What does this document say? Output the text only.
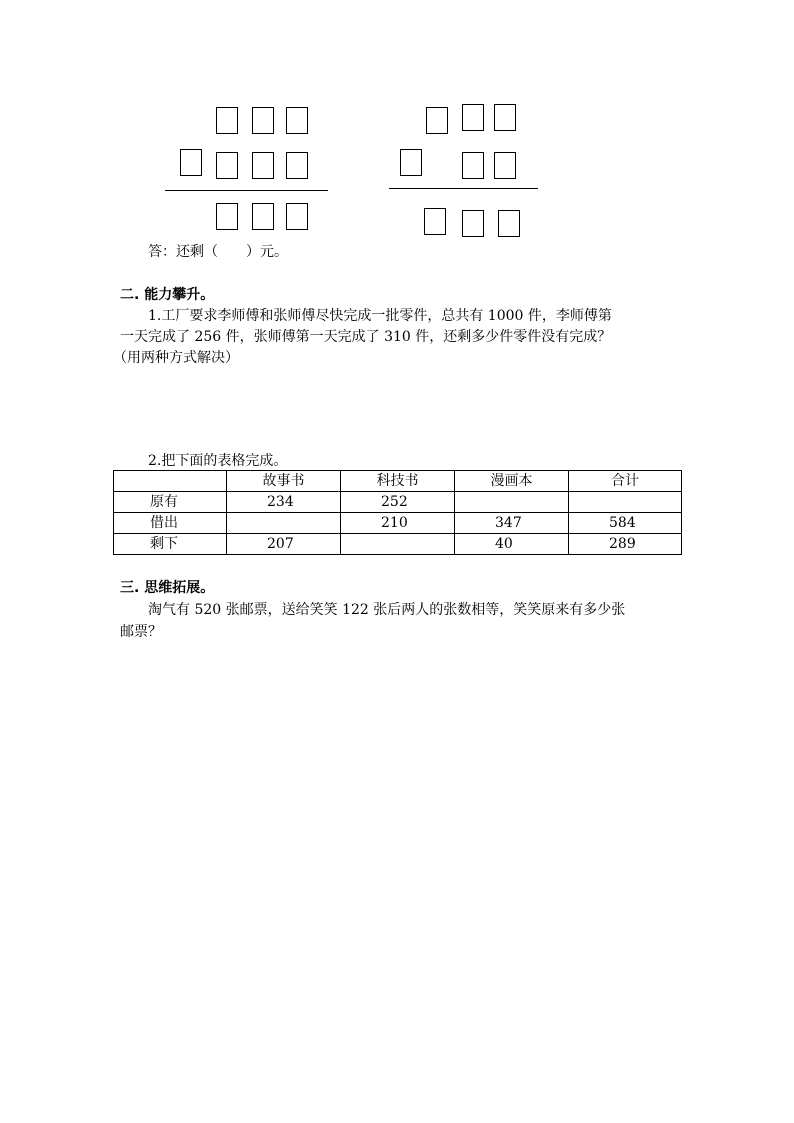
答：还剩（　　）元。
二. 能力攀升。
1.工厂要求李师傅和张师傅尽快完成一批零件，总共有 1000 件，李师傅第
一天完成了 256 件，张师傅第一天完成了 310 件，还剩多少件零件没有完成？
（用两种方式解决）
2.把下面的表格完成。
	故事书	科技书	漫画本	合计
原有	234	252		
借出		210	347	584
剩下	207		40	289
三. 思维拓展。
淘气有 520 张邮票，送给笑笑 122 张后两人的张数相等，笑笑原来有多少张
邮票？
